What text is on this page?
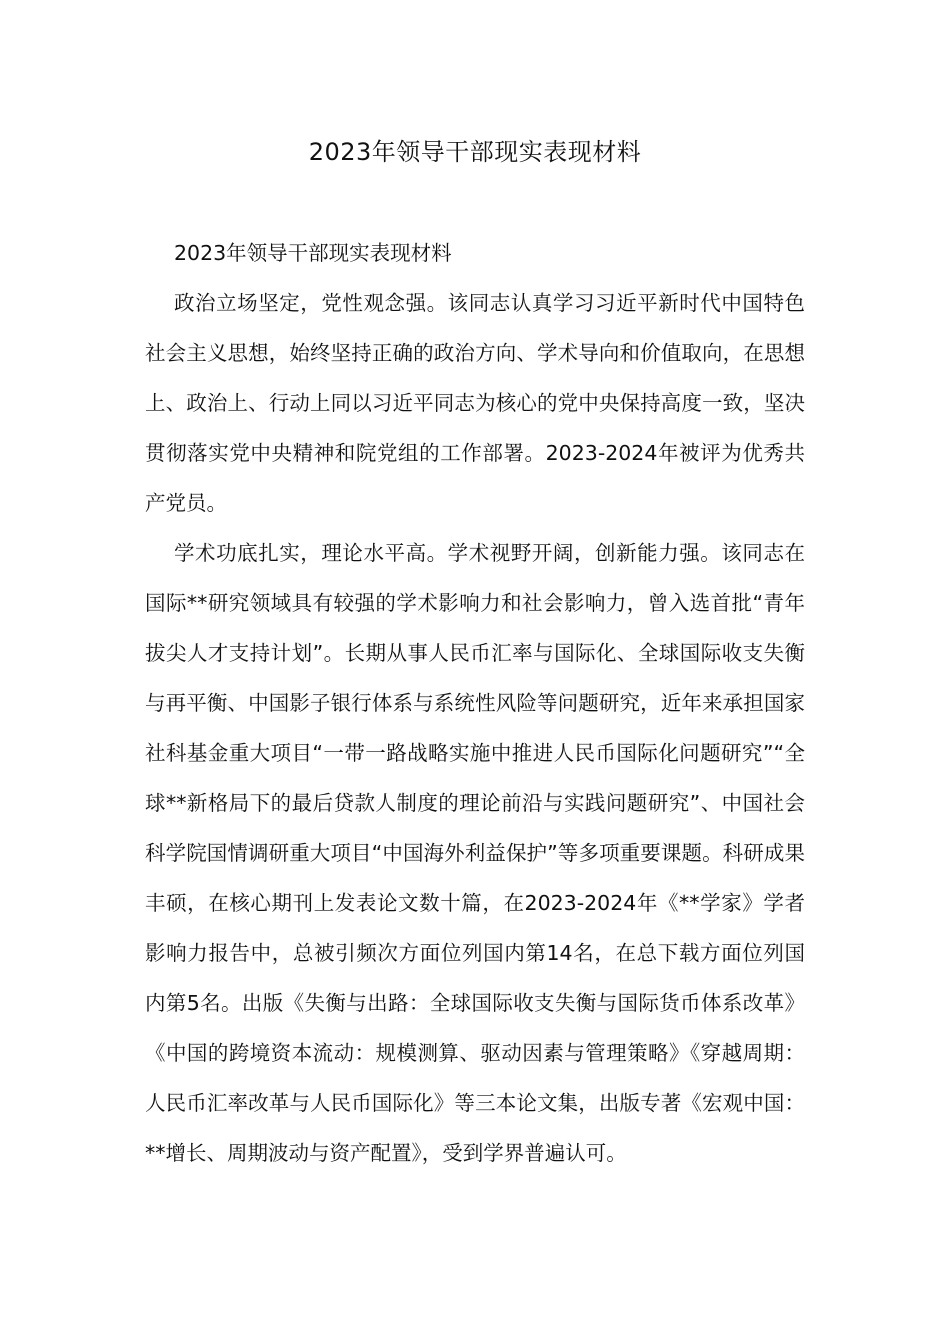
2023年领导干部现实表现材料

2023年领导干部现实表现材料

政治立场坚定，党性观念强。该同志认真学习习近平新时代中国特色社会主义思想，始终坚持正确的政治方向、学术导向和价值取向，在思想上、政治上、行动上同以习近平同志为核心的党中央保持高度一致，坚决贯彻落实党中央精神和院党组的工作部署。2023-2024年被评为优秀共产党员。

学术功底扎实，理论水平高。学术视野开阔，创新能力强。该同志在国际**研究领域具有较强的学术影响力和社会影响力，曾入选首批“青年拔尖人才支持计划”。长期从事人民币汇率与国际化、全球国际收支失衡与再平衡、中国影子银行体系与系统性风险等问题研究，近年来承担国家社科基金重大项目“一带一路战略实施中推进人民币国际化问题研究”“全球**新格局下的最后贷款人制度的理论前沿与实践问题研究”、中国社会科学院国情调研重大项目“中国海外利益保护”等多项重要课题。科研成果丰硕，在核心期刊上发表论文数十篇，在2023-2024年《**学家》学者影响力报告中，总被引频次方面位列国内第14名，在总下载方面位列国内第5名。出版《失衡与出路：全球国际收支失衡与国际货币体系改革》《中国的跨境资本流动：规模测算、驱动因素与管理策略》《穿越周期：人民币汇率改革与人民币国际化》等三本论文集，出版专著《宏观中国：**增长、周期波动与资产配置》，受到学界普遍认可。
